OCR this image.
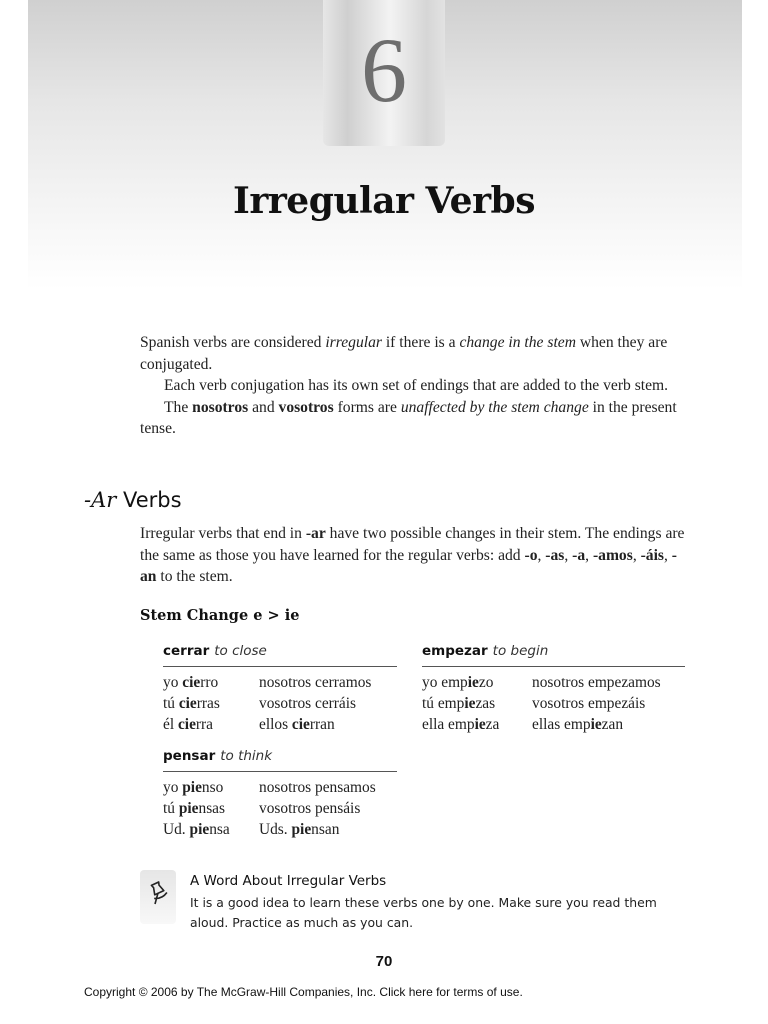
6
Irregular Verbs

Spanish verbs are considered irregular if there is a change in the stem when they are conjugated.

Each verb conjugation has its own set of endings that are added to the verb stem.

The nosotros and vosotros forms are unaffected by the stem change in the present tense.

-Ar Verbs

Irregular verbs that end in -ar have two possible changes in their stem. The endings are the same as those you have learned for the regular verbs: add -o, -as, -a, -amos, -áis, -an to the stem.

Stem Change e > ie
cerrar to close
yo cierro	nosotros cerramos
tú cierras	vosotros cerráis
él cierra	ellos cierran
empezar to begin
yo empiezo	nosotros empezamos
tú empiezas	vosotros empezáis
ella empieza	ellas empiezan
pensar to think
yo pienso	nosotros pensamos
tú piensas	vosotros pensáis
Ud. piensa	Uds. piensan
A Word About Irregular Verbs
It is a good idea to learn these verbs one by one. Make sure you read them aloud. Practice as much as you can.
70
Copyright © 2006 by The McGraw-Hill Companies, Inc. Click here for terms of use.
